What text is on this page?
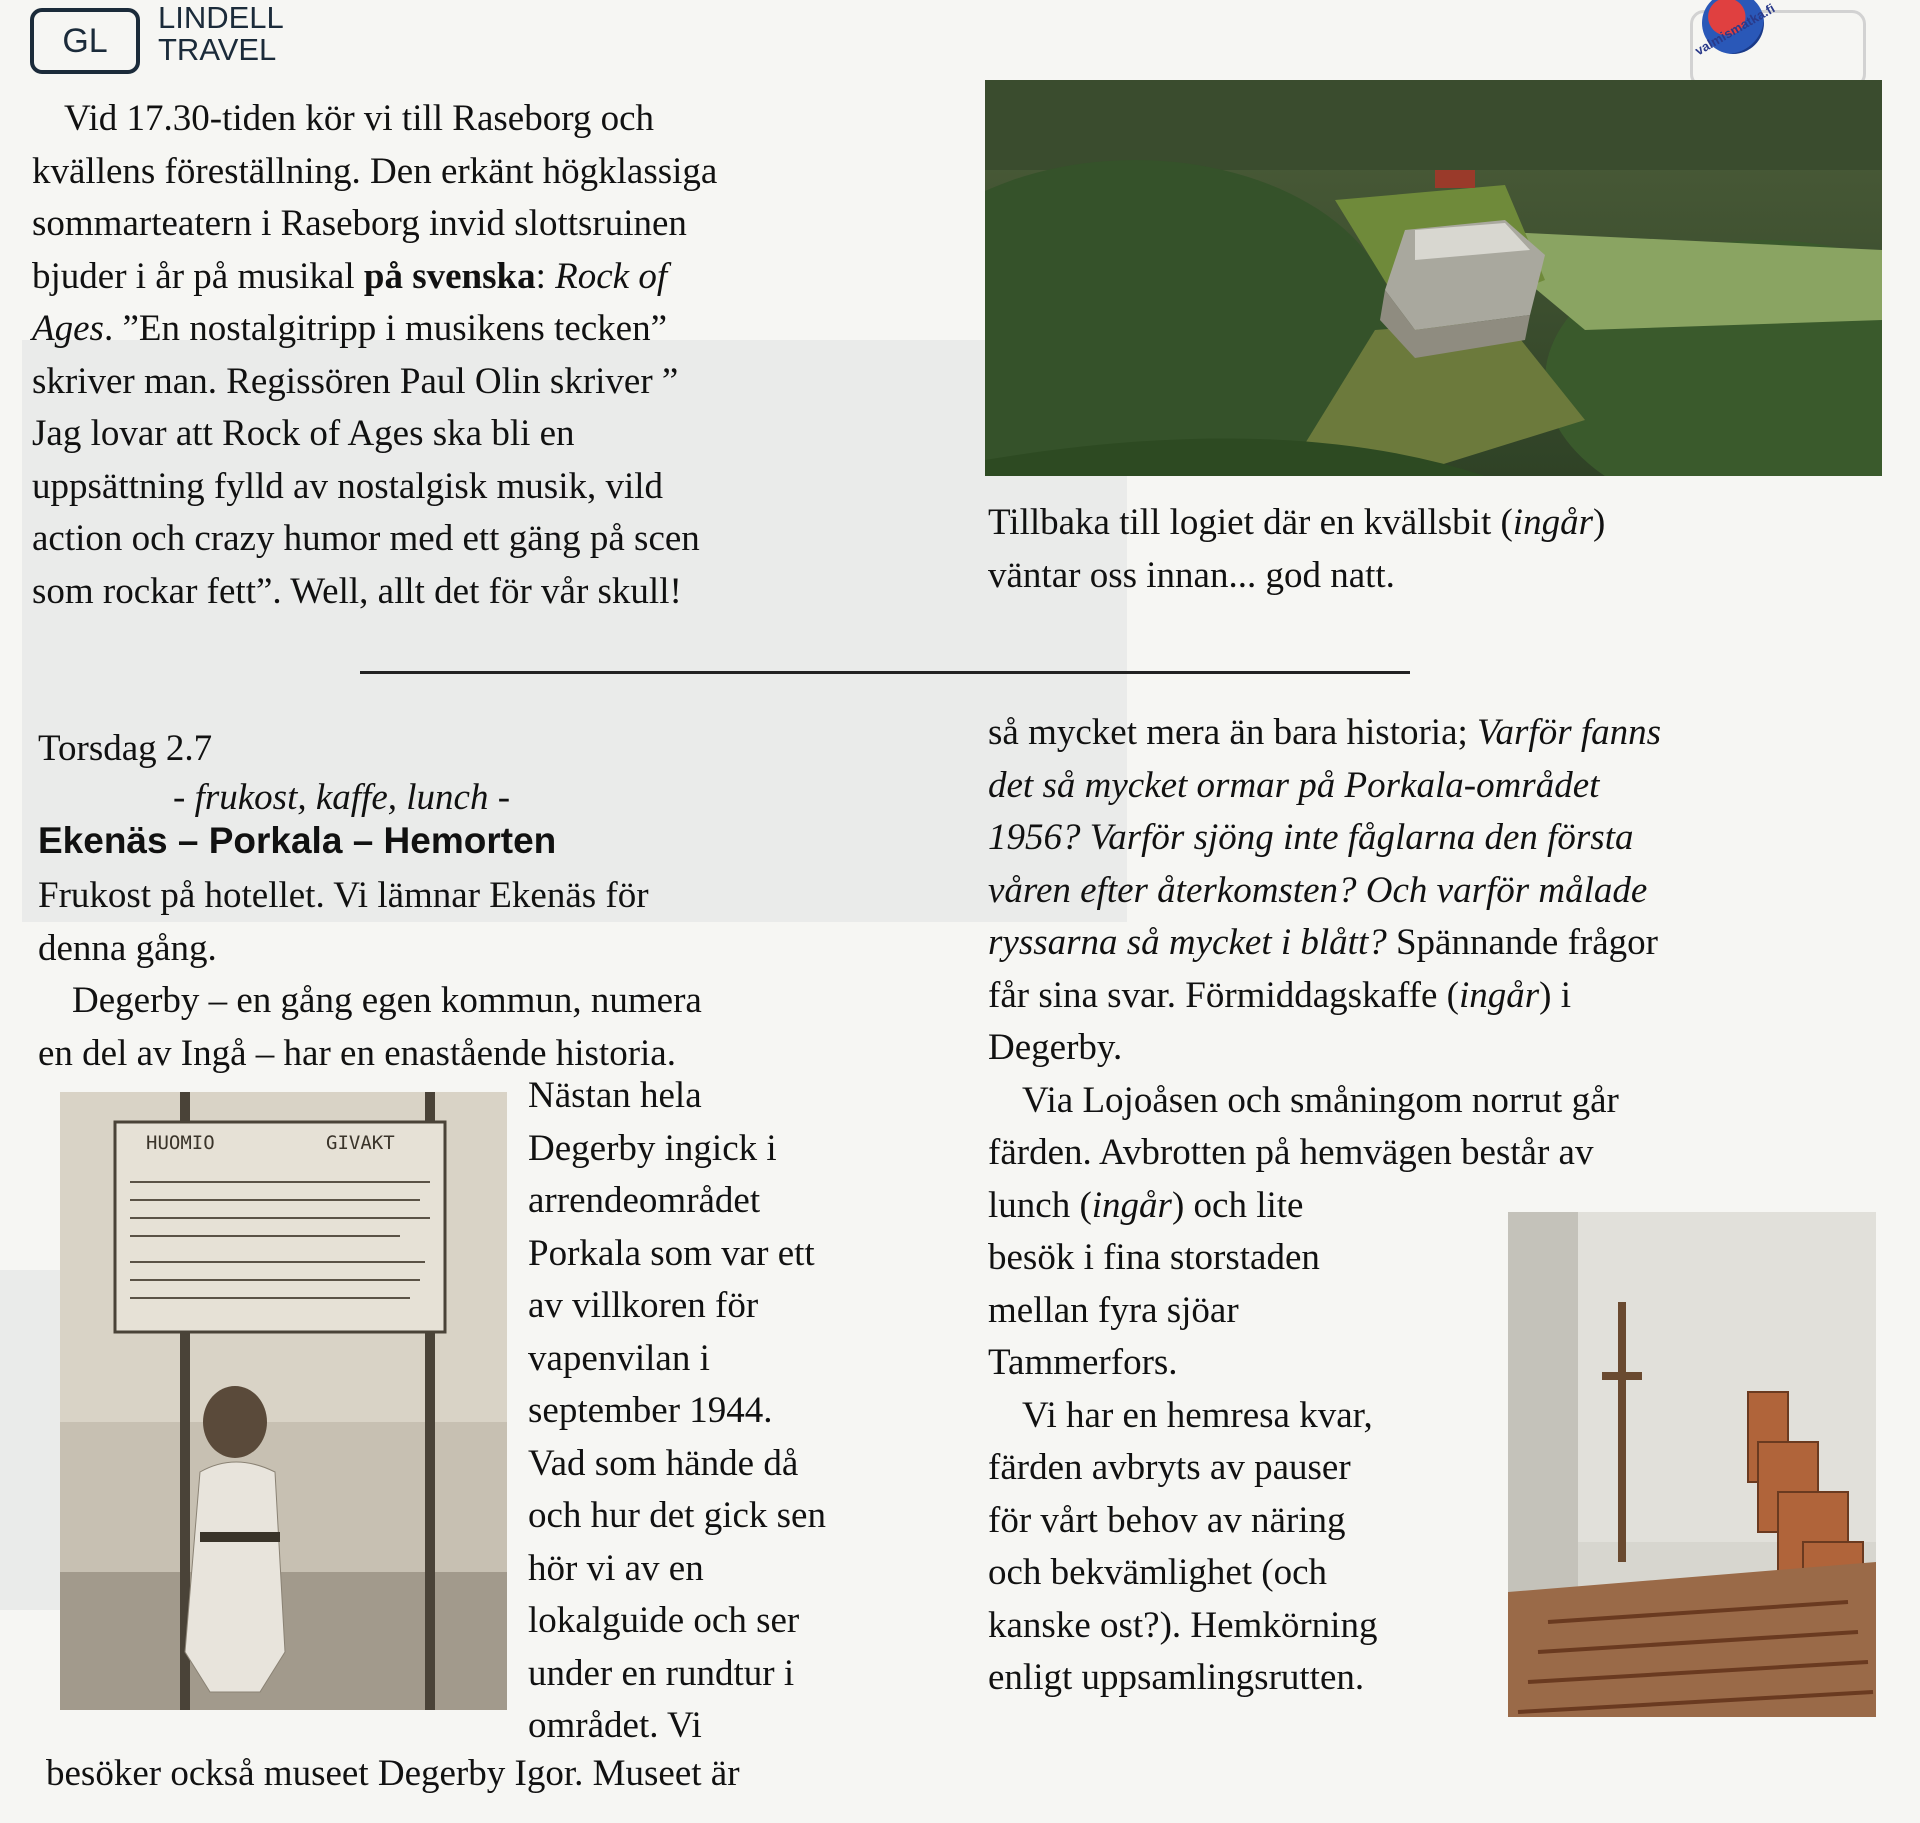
GL
LINDELL
TRAVEL	valmismatka.fi
Vid 17.30-tiden kör vi till Raseborg och
kvällens föreställning. Den erkänt högklassiga
sommarteatern i Raseborg invid slottsruinen
bjuder i år på musikal på svenska: Rock of
Ages. ”En nostalgitripp i musikens tecken”
skriver man. Regissören Paul Olin skriver ”
Jag lovar att Rock of Ages ska bli en
uppsättning fylld av nostalgisk musik, vild
action och crazy humor med ett gäng på scen
som rockar fett”. Well, allt det för vår skull!
Tillbaka till logiet där en kvällsbit (ingår)
väntar oss innan... god natt.
Torsdag 2.7
- frukost, kaffe, lunch -
Ekenäs – Porkala – Hemorten
Frukost på hotellet. Vi lämnar Ekenäs för
denna gång.
Degerby – en gång egen kommun, numera
en del av Ingå – har en enastående historia.
HUOMIO	GIVAKT
Nästan hela
Degerby ingick i
arrendeområdet
Porkala som var ett
av villkoren för
vapenvilan i
september 1944.
Vad som hände då
och hur det gick sen
hör vi av en
lokalguide och ser
under en rundtur i
området. Vi
besöker också museet Degerby Igor. Museet är
så mycket mera än bara historia; Varför fanns
det så mycket ormar på Porkala-området
1956? Varför sjöng inte fåglarna den första
våren efter återkomsten? Och varför målade
ryssarna så mycket i blått? Spännande frågor
får sina svar. Förmiddagskaffe (ingår) i
Degerby.
Via Lojoåsen och småningom norrut går
färden. Avbrotten på hemvägen består av
lunch (ingår) och lite
besök i fina storstaden
mellan fyra sjöar
Tammerfors.
Vi har en hemresa kvar,
färden avbryts av pauser
för vårt behov av näring
och bekvämlighet (och
kanske ost?). Hemkörning
enligt uppsamlingsrutten.
